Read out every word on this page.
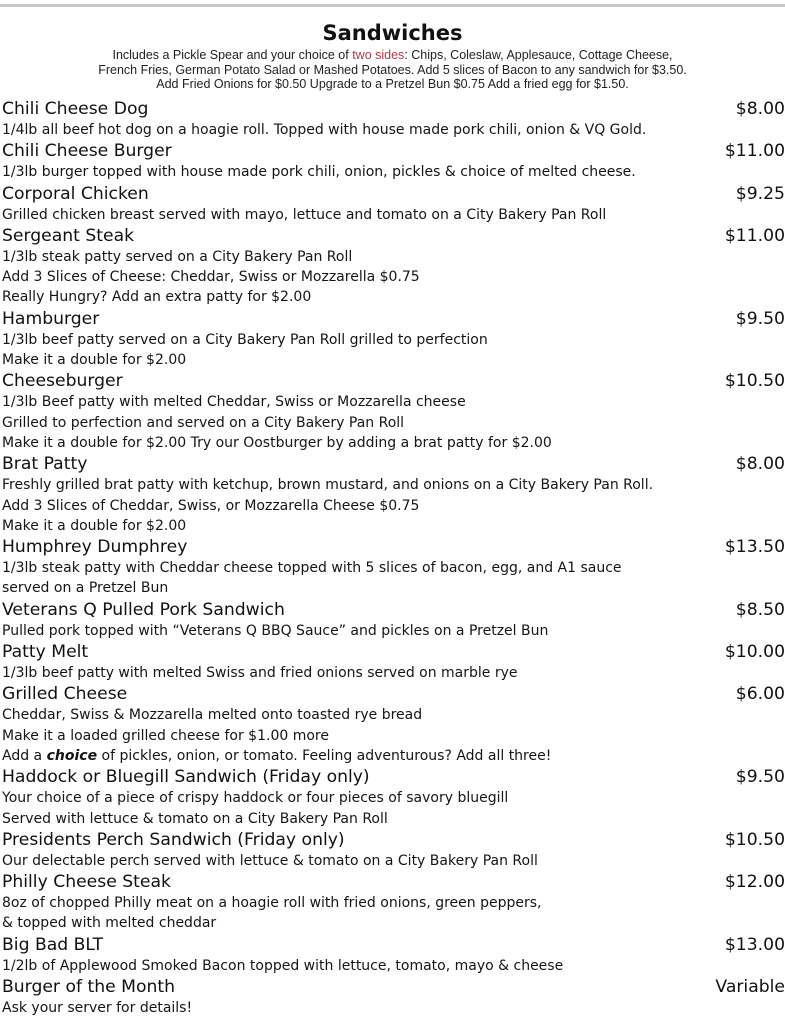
Sandwiches
Includes a Pickle Spear and your choice of two sides: Chips, Coleslaw, Applesauce, Cottage Cheese,
French Fries, German Potato Salad or Mashed Potatoes. Add 5 slices of Bacon to any sandwich for $3.50.
Add Fried Onions for $0.50 Upgrade to a Pretzel Bun $0.75 Add a fried egg for $1.50.
Chili Cheese Dog	$8.00
1/4lb all beef hot dog on a hoagie roll. Topped with house made pork chili, onion & VQ Gold.
Chili Cheese Burger	$11.00
1/3lb burger topped with house made pork chili, onion, pickles & choice of melted cheese.
Corporal Chicken	$9.25
Grilled chicken breast served with mayo, lettuce and tomato on a City Bakery Pan Roll
Sergeant Steak	$11.00
1/3lb steak patty served on a City Bakery Pan Roll
Add 3 Slices of Cheese: Cheddar, Swiss or Mozzarella $0.75
Really Hungry? Add an extra patty for $2.00
Hamburger	$9.50
1/3lb beef patty served on a City Bakery Pan Roll grilled to perfection
Make it a double for $2.00
Cheeseburger	$10.50
1/3lb Beef patty with melted Cheddar, Swiss or Mozzarella cheese
Grilled to perfection and served on a City Bakery Pan Roll
Make it a double for $2.00 Try our Oostburger by adding a brat patty for $2.00
Brat Patty	$8.00
Freshly grilled brat patty with ketchup, brown mustard, and onions on a City Bakery Pan Roll.
Add 3 Slices of Cheddar, Swiss, or Mozzarella Cheese $0.75
Make it a double for $2.00
Humphrey Dumphrey	$13.50
1/3lb steak patty with Cheddar cheese topped with 5 slices of bacon, egg, and A1 sauce
served on a Pretzel Bun
Veterans Q Pulled Pork Sandwich	$8.50
Pulled pork topped with “Veterans Q BBQ Sauce” and pickles on a Pretzel Bun
Patty Melt	$10.00
1/3lb beef patty with melted Swiss and fried onions served on marble rye
Grilled Cheese	$6.00
Cheddar, Swiss & Mozzarella melted onto toasted rye bread
Make it a loaded grilled cheese for $1.00 more
Add a choice of pickles, onion, or tomato. Feeling adventurous? Add all three!
Haddock or Bluegill Sandwich (Friday only)	$9.50
Your choice of a piece of crispy haddock or four pieces of savory bluegill
Served with lettuce & tomato on a City Bakery Pan Roll
Presidents Perch Sandwich (Friday only)	$10.50
Our delectable perch served with lettuce & tomato on a City Bakery Pan Roll
Philly Cheese Steak	$12.00
8oz of chopped Philly meat on a hoagie roll with fried onions, green peppers,
& topped with melted cheddar
Big Bad BLT	$13.00
1/2lb of Applewood Smoked Bacon topped with lettuce, tomato, mayo & cheese
Burger of the Month	Variable
Ask your server for details!
